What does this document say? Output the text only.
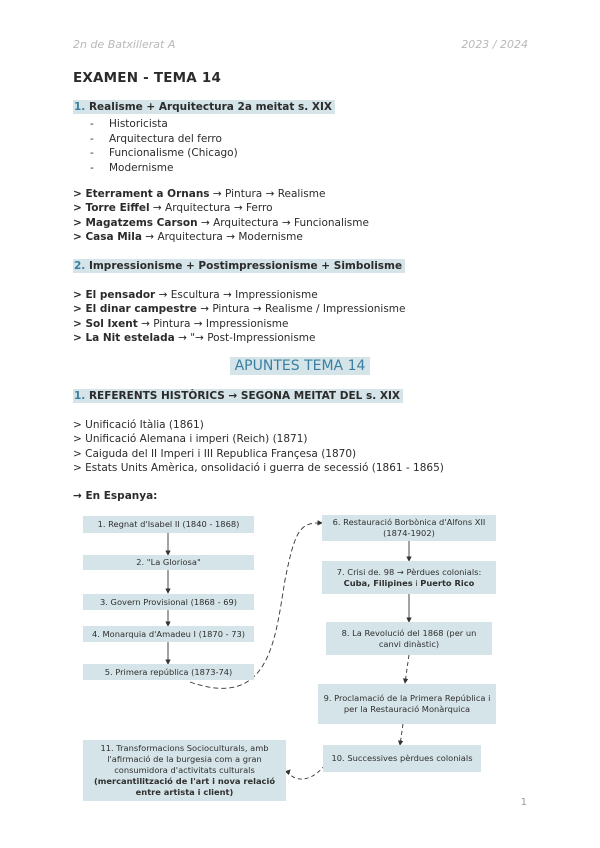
2n de Batxillerat A	2023 / 2024
EXAMEN - TEMA 14
1. Realisme + Arquitectura 2a meitat s. XIX
- Historicista
- Arquitectura del ferro
- Funcionalisme (Chicago)
- Modernisme
> Eterrament a Ornans → Pintura → Realisme
> Torre Eiffel → Arquitectura → Ferro
> Magatzems Carson → Arquitectura → Funcionalisme
> Casa Mila → Arquitectura → Modernisme
2. Impressionisme + Postimpressionisme + Simbolisme
> El pensador → Escultura → Impressionisme
> El dinar campestre → Pintura → Realisme / Impressionisme
> Sol Ixent → Pintura → Impressionisme
> La Nit estelada → "→ Post-Impressionisme
APUNTES TEMA 14
1. REFERENTS HISTÒRICS → SEGONA MEITAT DEL s. XIX
> Unificació Itàlia (1861)
> Unificació Alemana i imperi (Reich) (1871)
> Caiguda del II Imperi i III Republica Françesa (1870)
> Estats Units Amèrica, onsolidació i guerra de secessió (1861 - 1865)
→ En Espanya:
1. Regnat d'Isabel II (1840 - 1868)
2. "La Gloriosa"
3. Govern Provisional (1868 - 69)
4. Monarquia d'Amadeu I (1870 - 73)
5. Primera república (1873-74)
6. Restauració Borbònica d'Alfons XII (1874-1902)
7. Crisi de. 98 → Pèrdues colonials: Cuba, Filipines i Puerto Rico
8. La Revolució del 1868 (per un canvi dinàstic)
9. Proclamació de la Primera República i per la Restauració Monàrquica
10. Successives pèrdues colonials
11. Transformacions Socioculturals, amb l'afirmació de la burgesia com a gran consumidora d'activitats culturals (mercantilització de l'art i nova relació entre artista i client)
1
